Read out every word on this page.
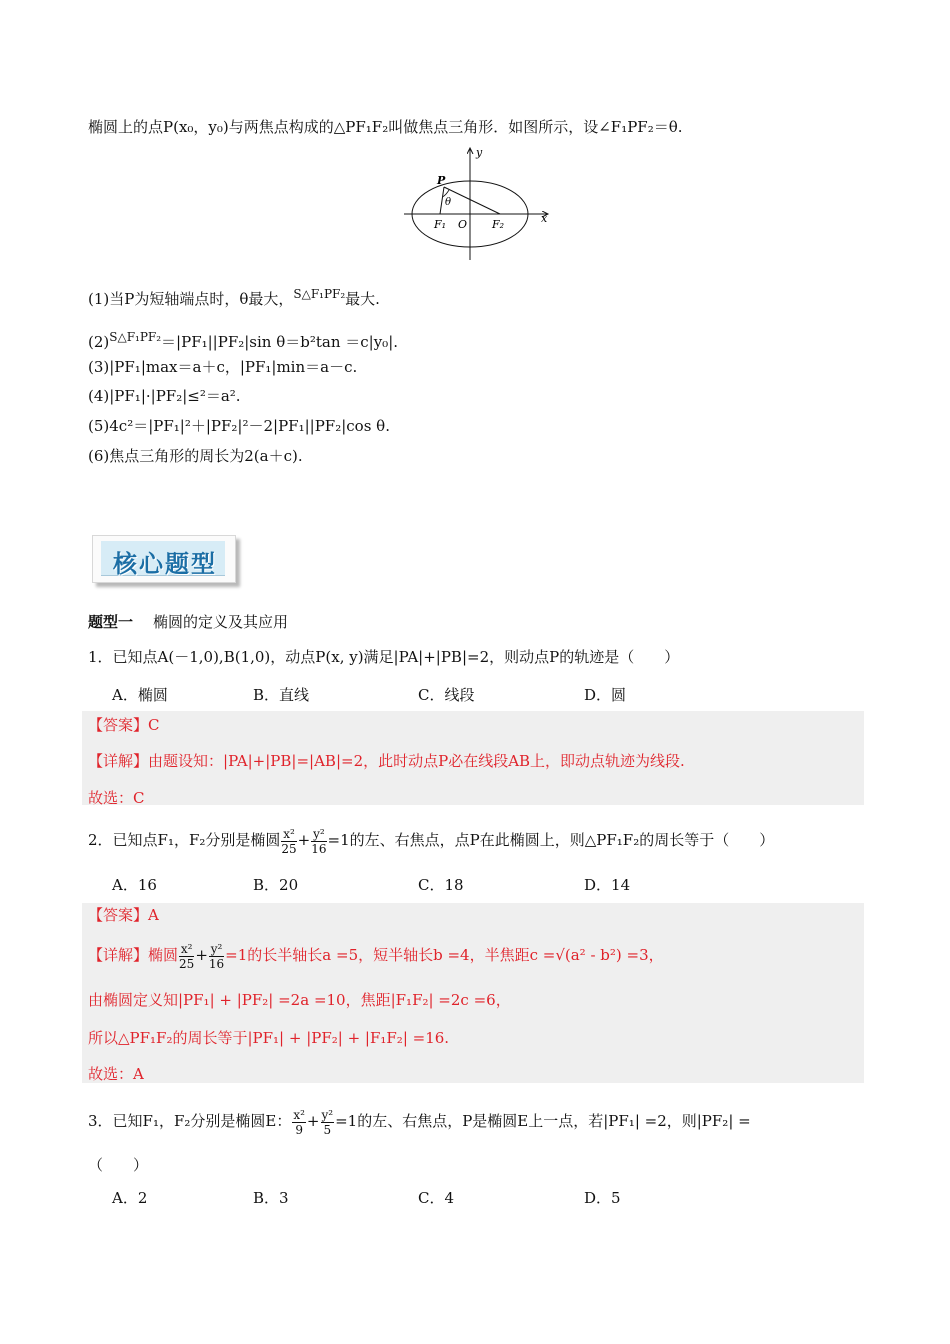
椭圆上的点P(x₀，y₀)与两焦点构成的△PF₁F₂叫做焦点三角形．如图所示，设∠F₁PF₂＝θ.
y
x
P
θ
F₁ O F₂
(1)当P为短轴端点时，θ最大，$^{S\triangle F_1PF_2}$最大.
$(2)^{S\triangle F_1PF_2}=|PF_1||PF_2|\sin$ θ＝b²tan ＝c|y₀|.
(3)|PF₁|max＝a＋c，|PF₁|min＝a－c.
(4)|PF₁|·|PF₂|≤²＝a².
(5)4c²＝|PF₁|²＋|PF₂|²－2|PF₁||PF₂|cos θ.
(6)焦点三角形的周长为2(a＋c).
核心题型
题型一 椭圆的定义及其应用
1．已知点A(－1,0),B(1,0)，动点P(x, y)满足|PA|+|PB|=2，则动点P的轨迹是（　　）
A．椭圆	B．直线	C．线段	D．圆
【答案】C
【详解】由题设知：|PA|+|PB|=|AB|=2，此时动点P必在线段AB上，即动点轨迹为线段.
故选：C
2．已知点F₁，F₂分别是椭圆 $\frac{\text{x²}}{25} + \frac{\text{y²}}{16} =1$的左、右焦点，点P在此椭圆上，则△PF₁F₂的周长等于（　　）
A．16	B．20	C．18	D．14
【答案】A
【详解】椭圆 $\frac{\text{x²}}{25} + \frac{\text{y²}}{16} =1$的长半轴长a =5，短半轴长b =4，半焦距c =√(a² - b²) =3，
由椭圆定义知|PF₁| + |PF₂| =2a =10，焦距|F₁F₂| =2c =6，
所以△PF₁F₂的周长等于|PF₁| + |PF₂| + |F₁F₂| =16.
故选：A
3．已知F₁，F₂分别是椭圆E： $\frac{\text{x²}}{9} + \frac{\text{y²}}{5} =1$的左、右焦点，P是椭圆E上一点，若|PF₁| =2，则|PF₂| =
（　　）
A．2	B．3	C．4	D．5
